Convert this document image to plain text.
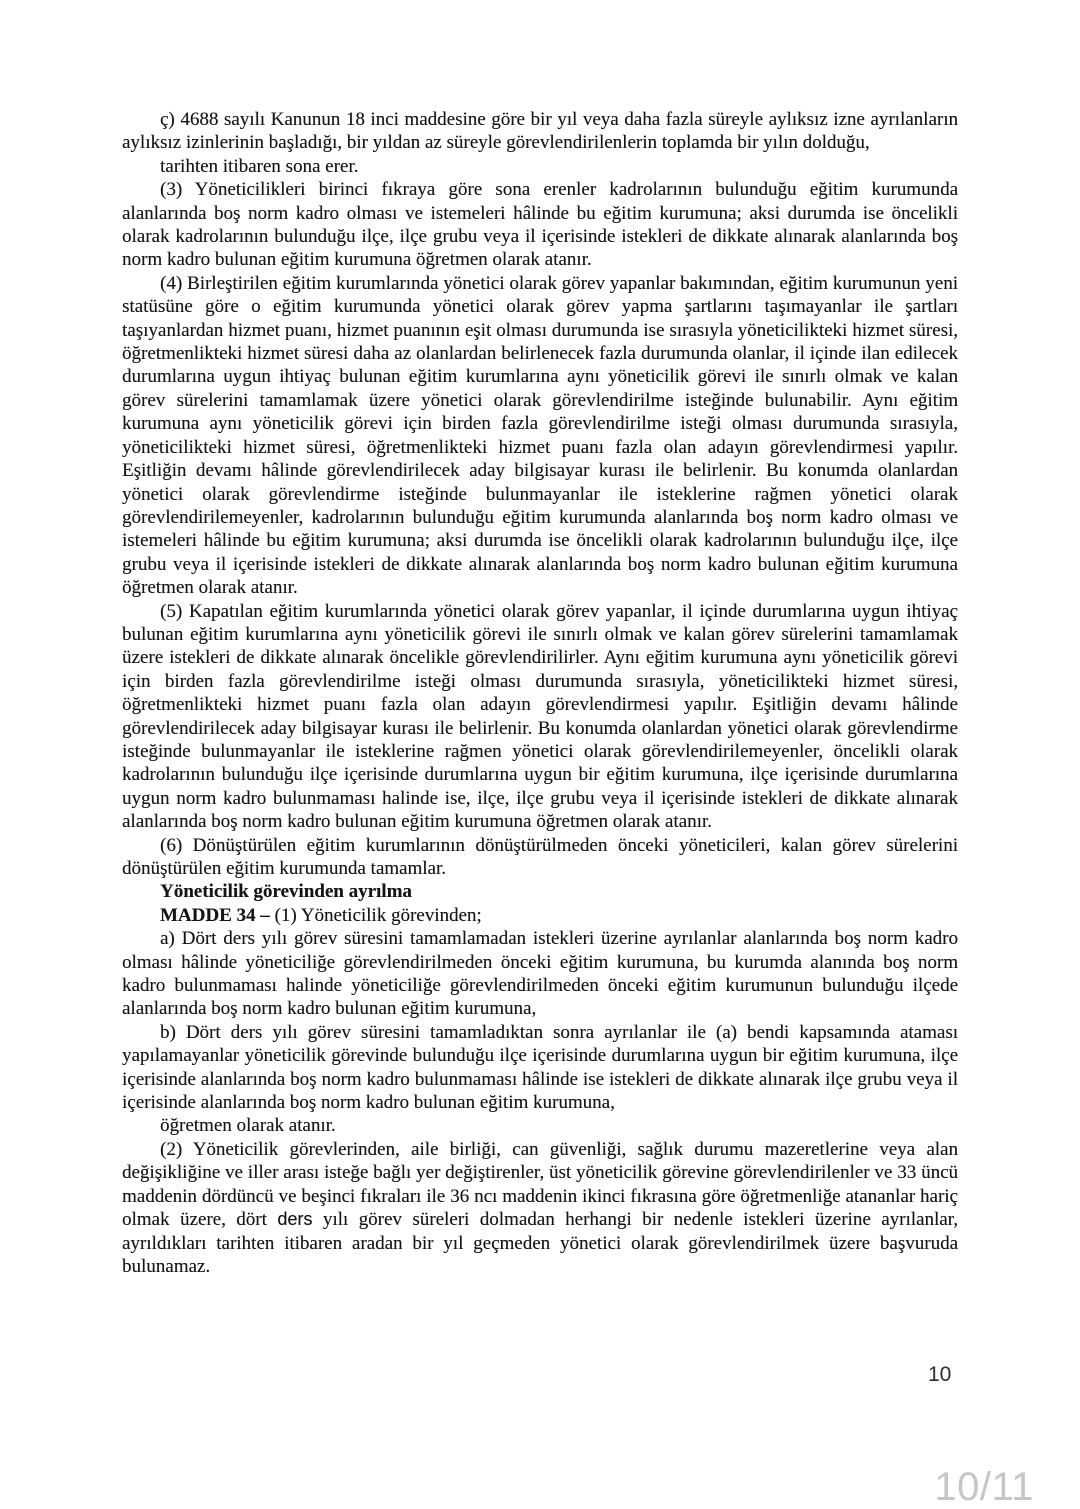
ç) 4688 sayılı Kanunun 18 inci maddesine göre bir yıl veya daha fazla süreyle aylıksız izne ayrılanların aylıksız izinlerinin başladığı, bir yıldan az süreyle görevlendirilenlerin toplamda bir yılın dolduğu,

tarihten itibaren sona erer.

(3) Yöneticilikleri birinci fıkraya göre sona erenler kadrolarının bulunduğu eğitim kurumunda alanlarında boş norm kadro olması ve istemeleri hâlinde bu eğitim kurumuna; aksi durumda ise öncelikli olarak kadrolarının bulunduğu ilçe, ilçe grubu veya il içerisinde istekleri de dikkate alınarak alanlarında boş norm kadro bulunan eğitim kurumuna öğretmen olarak atanır.

(4) Birleştirilen eğitim kurumlarında yönetici olarak görev yapanlar bakımından, eğitim kurumunun yeni statüsüne göre o eğitim kurumunda yönetici olarak görev yapma şartlarını taşımayanlar ile şartları taşıyanlardan hizmet puanı, hizmet puanının eşit olması durumunda ise sırasıyla yöneticilikteki hizmet süresi, öğretmenlikteki hizmet süresi daha az olanlardan belirlenecek fazla durumunda olanlar, il içinde ilan edilecek durumlarına uygun ihtiyaç bulunan eğitim kurumlarına aynı yöneticilik görevi ile sınırlı olmak ve kalan görev sürelerini tamamlamak üzere yönetici olarak görevlendirilme isteğinde bulunabilir. Aynı eğitim kurumuna aynı yöneticilik görevi için birden fazla görevlendirilme isteği olması durumunda sırasıyla, yöneticilikteki hizmet süresi, öğretmenlikteki hizmet puanı fazla olan adayın görevlendirmesi yapılır. Eşitliğin devamı hâlinde görevlendirilecek aday bilgisayar kurası ile belirlenir. Bu konumda olanlardan yönetici olarak görevlendirme isteğinde bulunmayanlar ile isteklerine rağmen yönetici olarak görevlendirilemeyenler, kadrolarının bulunduğu eğitim kurumunda alanlarında boş norm kadro olması ve istemeleri hâlinde bu eğitim kurumuna; aksi durumda ise öncelikli olarak kadrolarının bulunduğu ilçe, ilçe grubu veya il içerisinde istekleri de dikkate alınarak alanlarında boş norm kadro bulunan eğitim kurumuna öğretmen olarak atanır.

(5) Kapatılan eğitim kurumlarında yönetici olarak görev yapanlar, il içinde durumlarına uygun ihtiyaç bulunan eğitim kurumlarına aynı yöneticilik görevi ile sınırlı olmak ve kalan görev sürelerini tamamlamak üzere istekleri de dikkate alınarak öncelikle görevlendirilirler. Aynı eğitim kurumuna aynı yöneticilik görevi için birden fazla görevlendirilme isteği olması durumunda sırasıyla, yöneticilikteki hizmet süresi, öğretmenlikteki hizmet puanı fazla olan adayın görevlendirmesi yapılır. Eşitliğin devamı hâlinde görevlendirilecek aday bilgisayar kurası ile belirlenir. Bu konumda olanlardan yönetici olarak görevlendirme isteğinde bulunmayanlar ile isteklerine rağmen yönetici olarak görevlendirilemeyenler, öncelikli olarak kadrolarının bulunduğu ilçe içerisinde durumlarına uygun bir eğitim kurumuna, ilçe içerisinde durumlarına uygun norm kadro bulunmaması halinde ise, ilçe, ilçe grubu veya il içerisinde istekleri de dikkate alınarak alanlarında boş norm kadro bulunan eğitim kurumuna öğretmen olarak atanır.

(6) Dönüştürülen eğitim kurumlarının dönüştürülmeden önceki yöneticileri, kalan görev sürelerini dönüştürülen eğitim kurumunda tamamlar.

Yöneticilik görevinden ayrılma

MADDE 34 – (1) Yöneticilik görevinden;

a) Dört ders yılı görev süresini tamamlamadan istekleri üzerine ayrılanlar alanlarında boş norm kadro olması hâlinde yöneticiliğe görevlendirilmeden önceki eğitim kurumuna, bu kurumda alanında boş norm kadro bulunmaması halinde yöneticiliğe görevlendirilmeden önceki eğitim kurumunun bulunduğu ilçede alanlarında boş norm kadro bulunan eğitim kurumuna,

b) Dört ders yılı görev süresini tamamladıktan sonra ayrılanlar ile (a) bendi kapsamında ataması yapılamayanlar yöneticilik görevinde bulunduğu ilçe içerisinde durumlarına uygun bir eğitim kurumuna, ilçe içerisinde alanlarında boş norm kadro bulunmaması hâlinde ise istekleri de dikkate alınarak ilçe grubu veya il içerisinde alanlarında boş norm kadro bulunan eğitim kurumuna,

öğretmen olarak atanır.

(2) Yöneticilik görevlerinden, aile birliği, can güvenliği, sağlık durumu mazeretlerine veya alan değişikliğine ve iller arası isteğe bağlı yer değiştirenler, üst yöneticilik görevine görevlendirilenler ve 33 üncü maddenin dördüncü ve beşinci fıkraları ile 36 ncı maddenin ikinci fıkrasına göre öğretmenliğe atananlar hariç olmak üzere, dört ders yılı görev süreleri dolmadan herhangi bir nedenle istekleri üzerine ayrılanlar, ayrıldıkları tarihten itibaren aradan bir yıl geçmeden yönetici olarak görevlendirilmek üzere başvuruda bulunamaz.

10
10/11
